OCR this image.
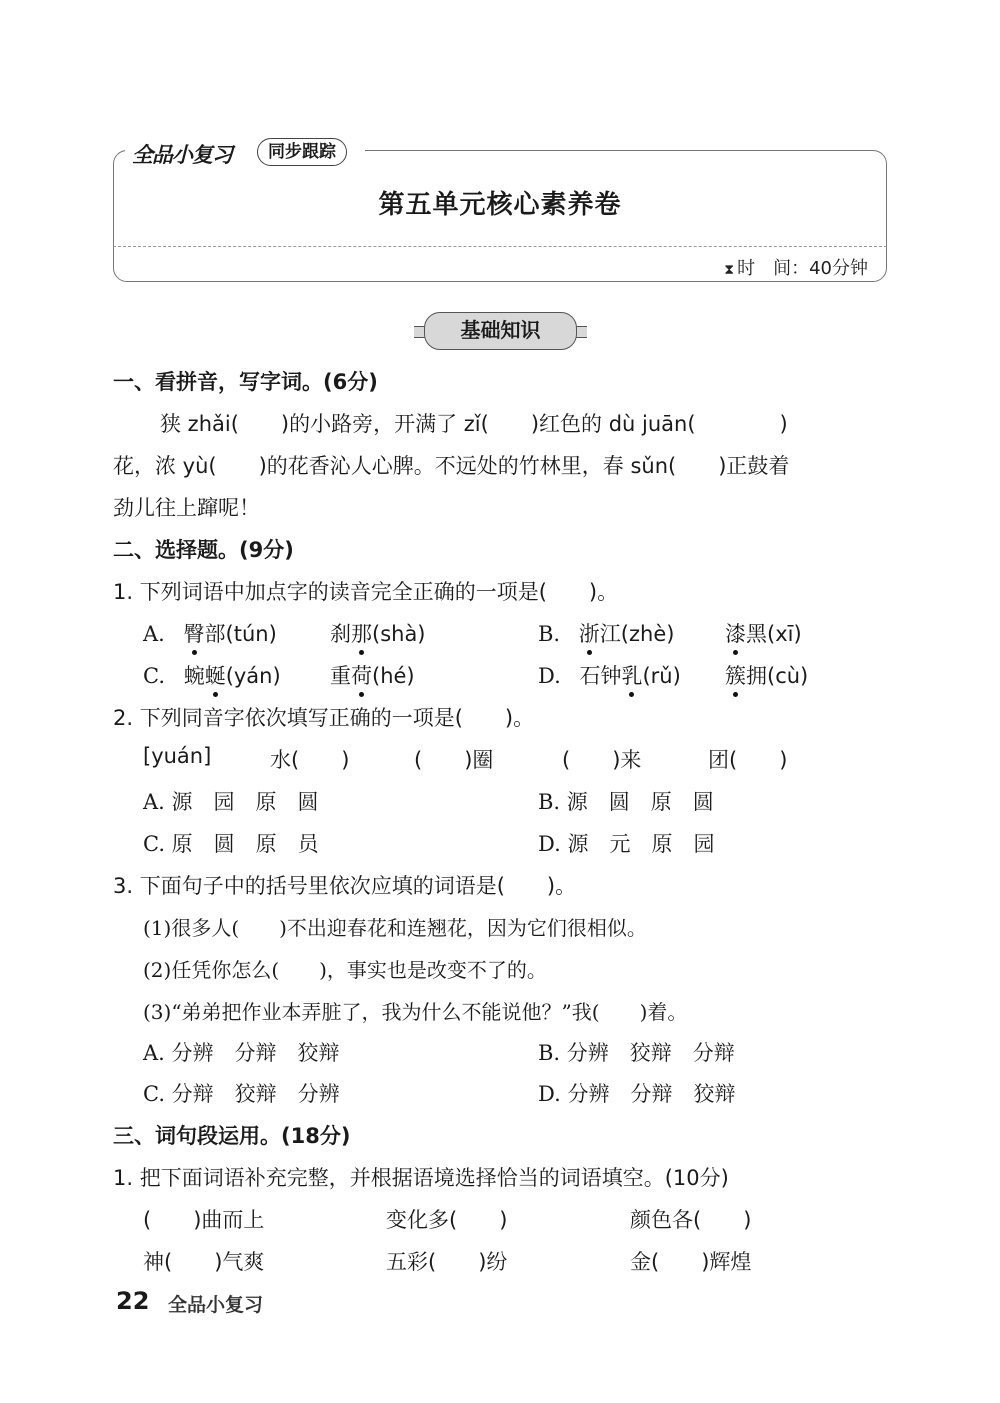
全品小复习	同步跟踪
第五单元核心素养卷
⧗ 时　间：40分钟
基础知识
一、看拼音，写字词。(6分)
狭 zhǎi(　　)的小路旁，开满了 zǐ(　　)红色的 dù juān(　　　　)
花，浓 yù(　　)的花香沁人心脾。不远处的竹林里，春 sǔn(　　)正鼓着
劲儿往上蹿呢！
二、选择题。(9分)
1. 下列词语中加点字的读音完全正确的一项是(　　)。
A. 臀部(tún)	刹那(shà)	B. 浙江(zhè) 漆黑(xī)
C. 蜿蜒(yán) 重荷(hé)	D. 石钟乳(rǔ) 簇拥(cù)
2. 下列同音字依次填写正确的一项是(　　)。
[yuán]	水(　　)	(　　)圈	(　　)来	团(　　)
A. 源　园　原　圆	B. 源　圆　原　圆
C. 原　圆　原　员	D. 源　元　原　园
3. 下面句子中的括号里依次应填的词语是(　　)。
(1)很多人(　　)不出迎春花和连翘花，因为它们很相似。
(2)任凭你怎么(　　)，事实也是改变不了的。
(3)“弟弟把作业本弄脏了，我为什么不能说他？”我(　　)着。
A. 分辨　分辩　狡辩	B. 分辨　狡辩　分辩
C. 分辩　狡辩　分辨	D. 分辨　分辩　狡辩
三、词句段运用。(18分)
1. 把下面词语补充完整，并根据语境选择恰当的词语填空。(10分)
(　　)曲而上	变化多(　　)	颜色各(　　)
神(　　)气爽	五彩(　　)纷	金(　　)辉煌
22 全品小复习
